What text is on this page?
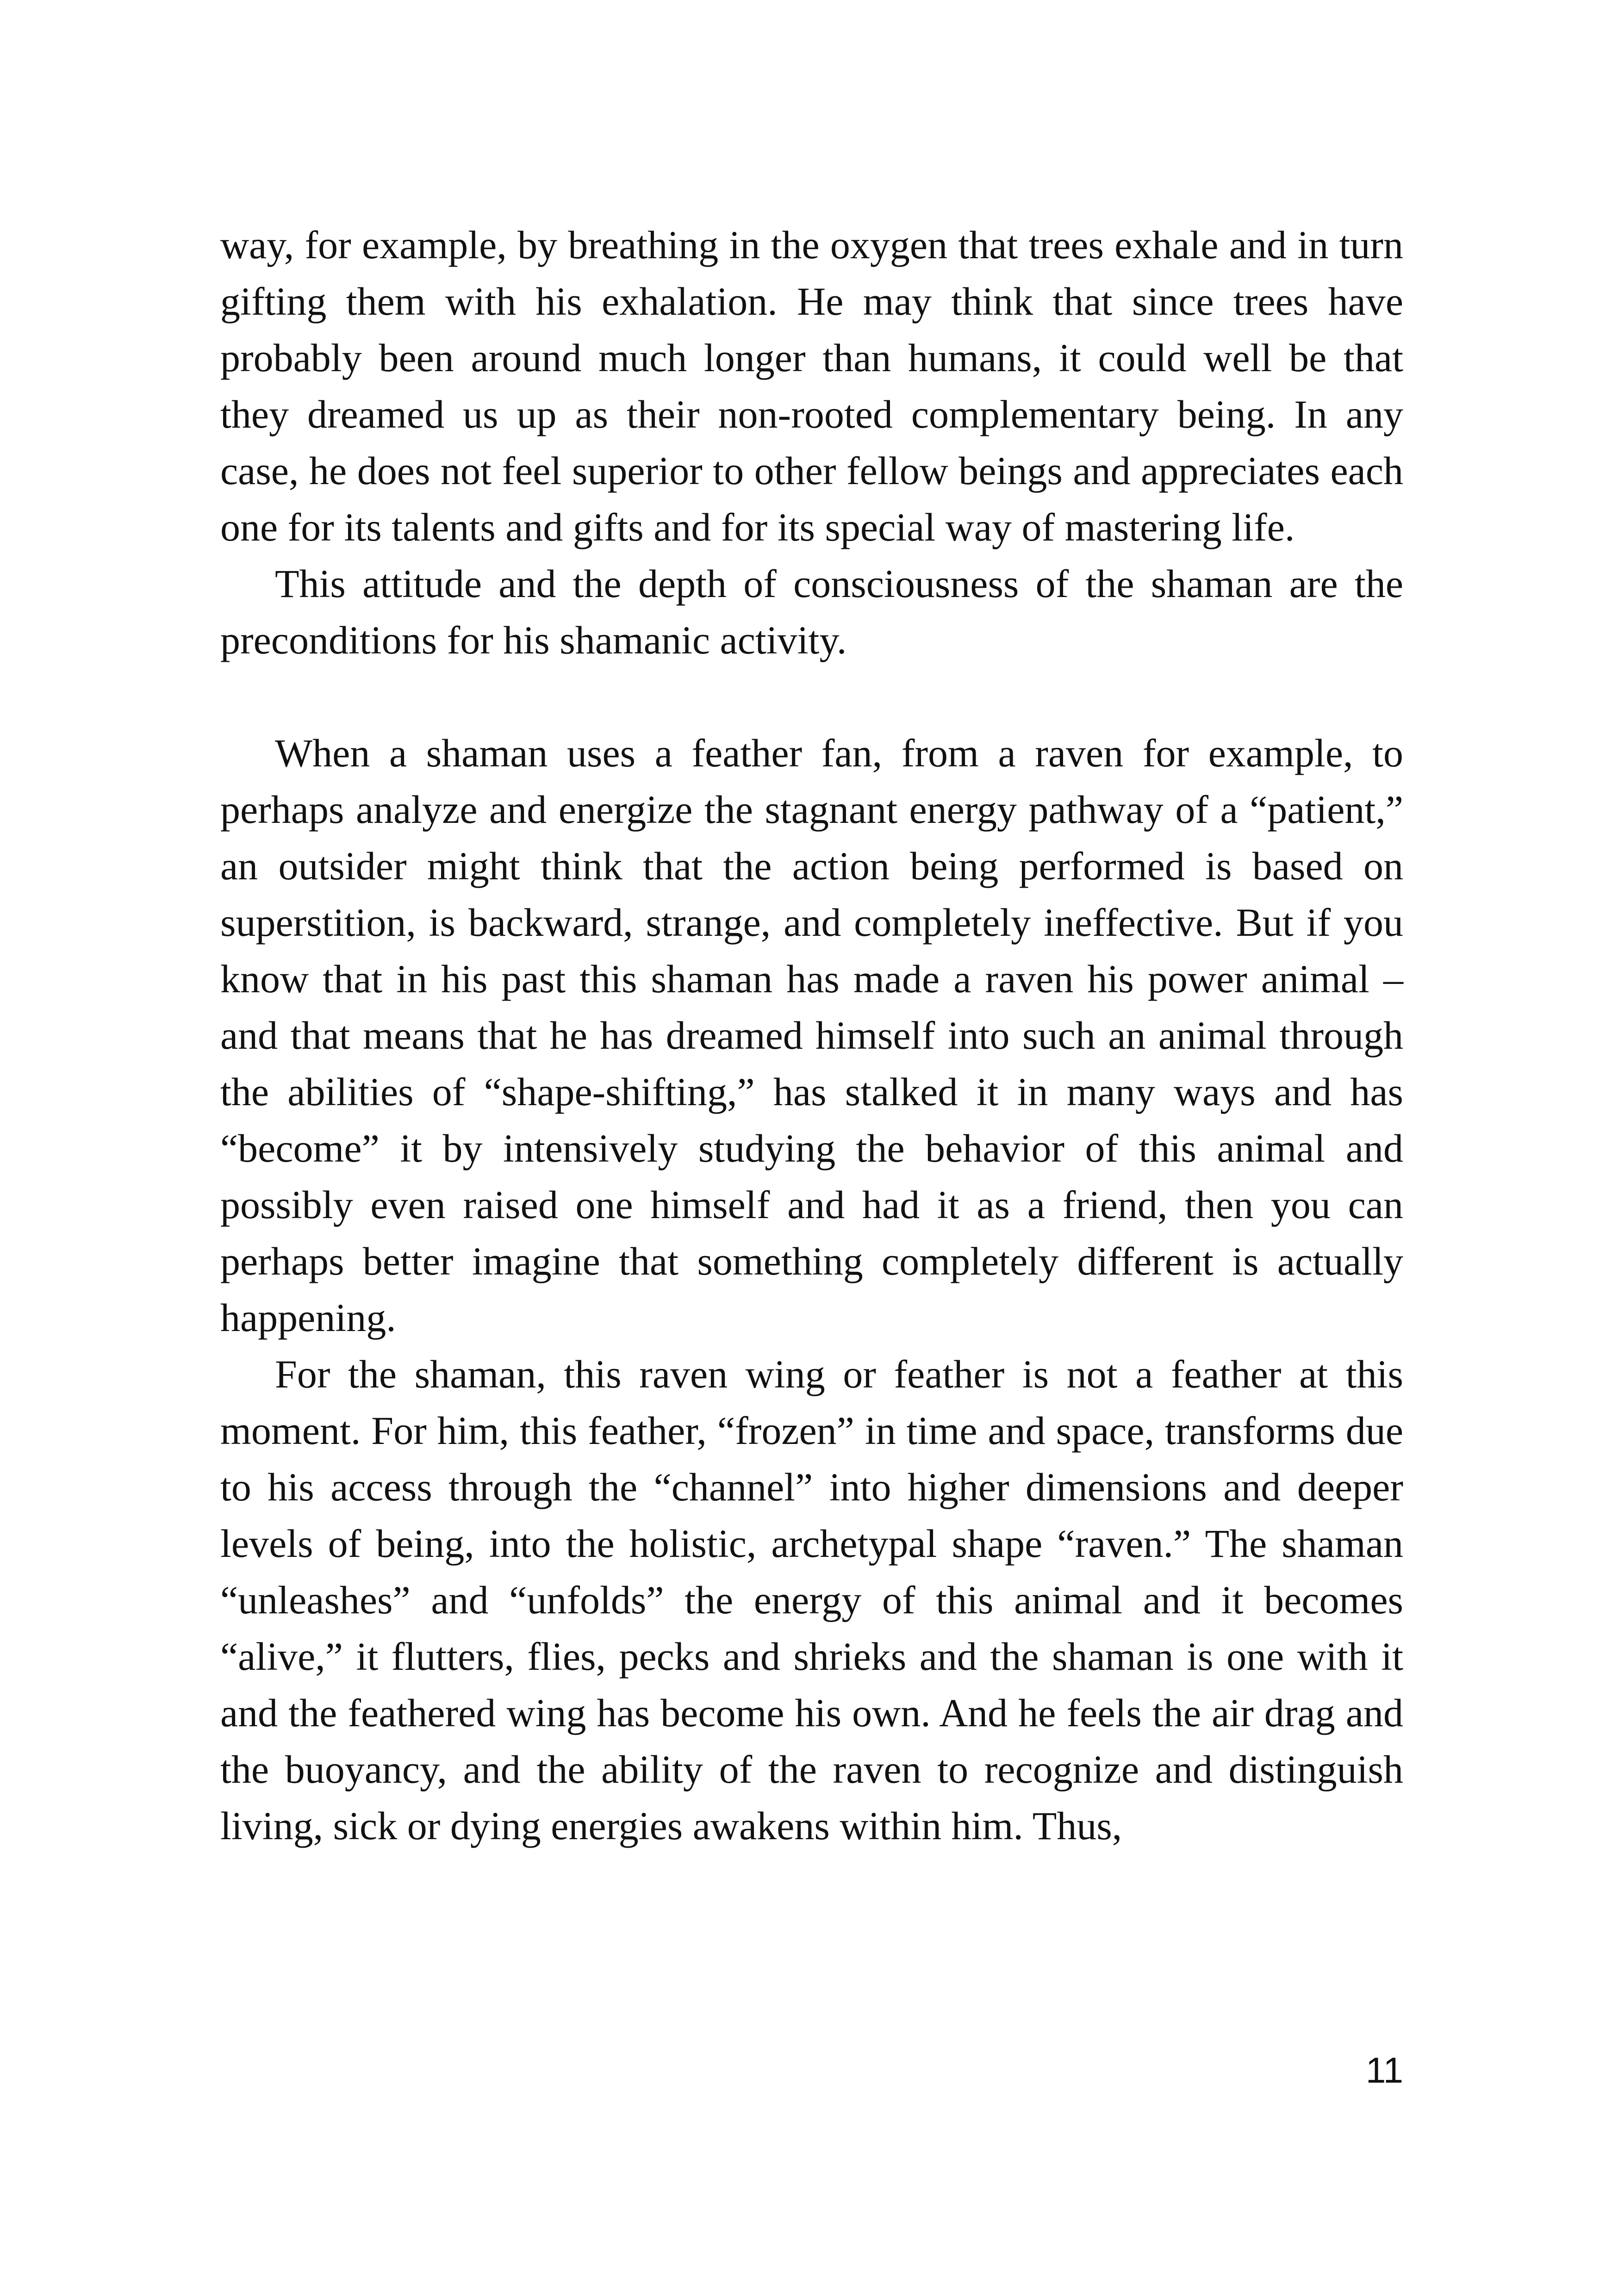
way, for example, by breathing in the oxygen that trees exhale and in turn gifting them with his exhalation. He may think that since trees have probably been around much longer than humans, it could well be that they dreamed us up as their non-rooted complementary being. In any case, he does not feel superior to other fellow beings and appreciates each one for its talents and gifts and for its special way of mastering life.

This attitude and the depth of consciousness of the shaman are the preconditions for his shamanic activity.

When a shaman uses a feather fan, from a raven for example, to perhaps analyze and energize the stagnant energy pathway of a “patient,” an outsider might think that the action being performed is based on superstition, is backward, strange, and completely ineffective. But if you know that in his past this shaman has made a raven his power animal – and that means that he has dreamed himself into such an animal through the abilities of “shape-shifting,” has stalked it in many ways and has “become” it by intensively studying the behavior of this animal and possibly even raised one himself and had it as a friend, then you can perhaps better imagine that something completely different is actually happening.

For the shaman, this raven wing or feather is not a feather at this moment. For him, this feather, “frozen” in time and space, transforms due to his access through the “channel” into higher dimensions and deeper levels of being, into the holistic, archetypal shape “raven.” The shaman “unleashes” and “unfolds” the energy of this animal and it becomes “alive,” it flutters, flies, pecks and shrieks and the shaman is one with it and the feathered wing has become his own. And he feels the air drag and the buoyancy, and the ability of the raven to recognize and distinguish living, sick or dying energies awakens within him. Thus,

11
